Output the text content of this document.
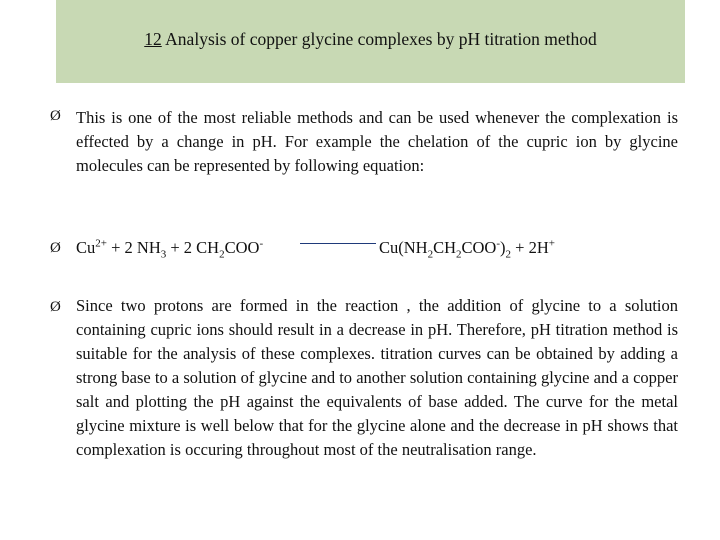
12 Analysis of copper glycine complexes by pH titration method
Ø This is one of the most reliable methods and can be used whenever the complexation is effected by a change in pH. For example the chelation of the cupric ion by glycine molecules can be represented by following equation:
Ø $Cu^{2+} + 2$ $NH_3 + 2$ $CH_2COO^-$	$Cu(NH_2CH_2COO^-)_2 + 2H^+$
Ø Since two protons are formed in the reaction , the addition of glycine to a solution containing cupric ions should result in a decrease in pH. Therefore, pH titration method is suitable for the analysis of these complexes. titration curves can be obtained by adding a strong base to a solution of glycine and to another solution containing glycine and a copper salt and plotting the pH against the equivalents of base added. The curve for the metal glycine mixture is well below that for the glycine alone and the decrease in pH shows that complexation is occuring throughout most of the neutralisation range.
